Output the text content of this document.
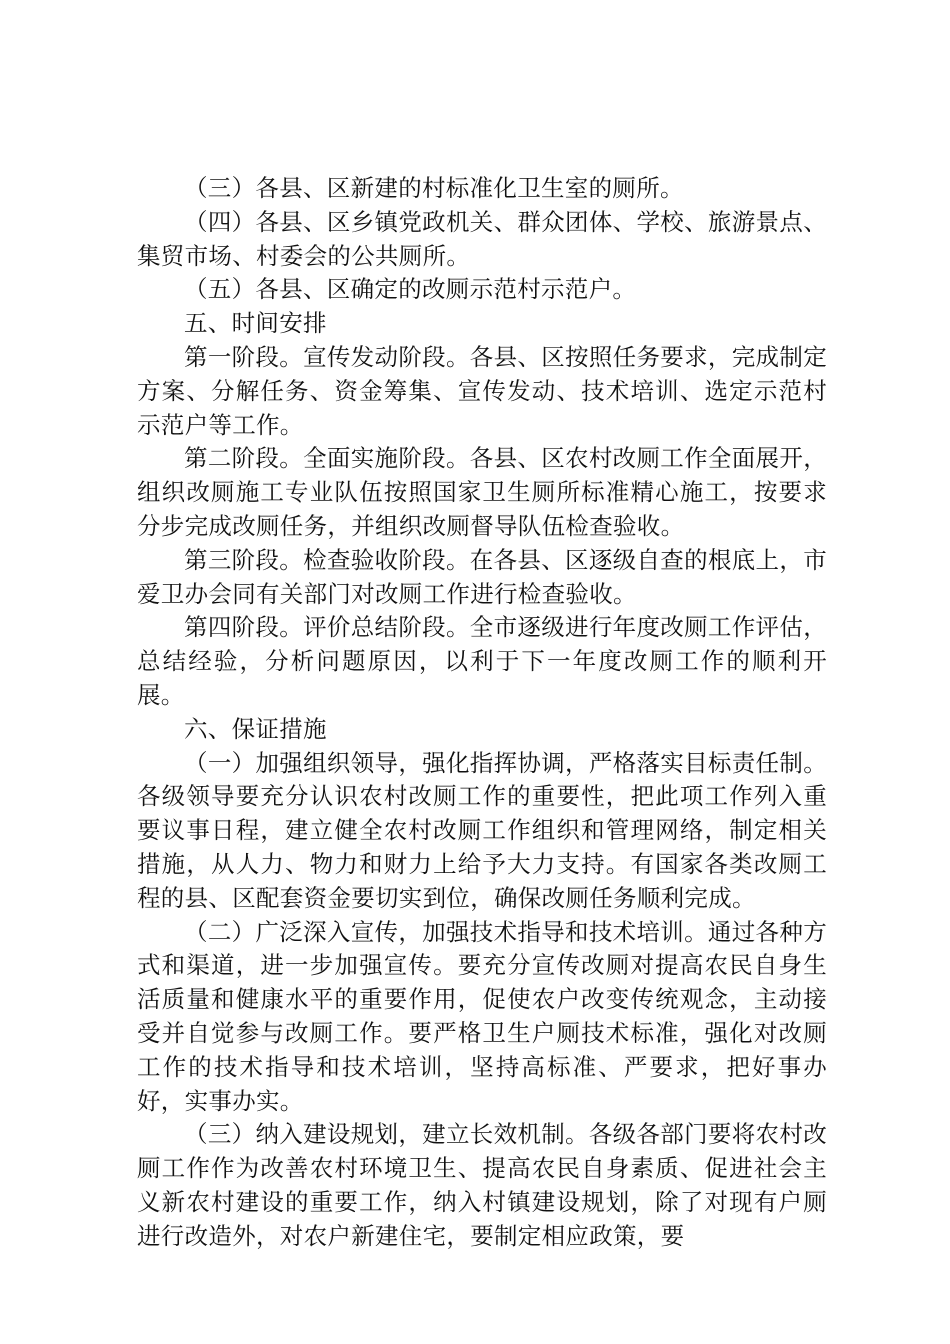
（三）各县、区新建的村标准化卫生室的厕所。

（四）各县、区乡镇党政机关、群众团体、学校、旅游景点、集贸市场、村委会的公共厕所。

（五）各县、区确定的改厕示范村示范户。

五、时间安排

第一阶段。宣传发动阶段。各县、区按照任务要求，完成制定方案、分解任务、资金筹集、宣传发动、技术培训、选定示范村示范户等工作。

第二阶段。全面实施阶段。各县、区农村改厕工作全面展开，组织改厕施工专业队伍按照国家卫生厕所标准精心施工，按要求分步完成改厕任务，并组织改厕督导队伍检查验收。

第三阶段。检查验收阶段。在各县、区逐级自查的根底上，市爱卫办会同有关部门对改厕工作进行检查验收。

第四阶段。评价总结阶段。全市逐级进行年度改厕工作评估，总结经验，分析问题原因，以利于下一年度改厕工作的顺利开展。

六、保证措施

（一）加强组织领导，强化指挥协调，严格落实目标责任制。各级领导要充分认识农村改厕工作的重要性，把此项工作列入重要议事日程，建立健全农村改厕工作组织和管理网络，制定相关措施，从人力、物力和财力上给予大力支持。有国家各类改厕工程的县、区配套资金要切实到位，确保改厕任务顺利完成。

（二）广泛深入宣传，加强技术指导和技术培训。通过各种方式和渠道，进一步加强宣传。要充分宣传改厕对提高农民自身生活质量和健康水平的重要作用，促使农户改变传统观念，主动接受并自觉参与改厕工作。要严格卫生户厕技术标准，强化对改厕工作的技术指导和技术培训，坚持高标准、严要求，把好事办好，实事办实。

（三）纳入建设规划，建立长效机制。各级各部门要将农村改厕工作作为改善农村环境卫生、提高农民自身素质、促进社会主义新农村建设的重要工作，纳入村镇建设规划，除了对现有户厕进行改造外，对农户新建住宅，要制定相应政策，要
